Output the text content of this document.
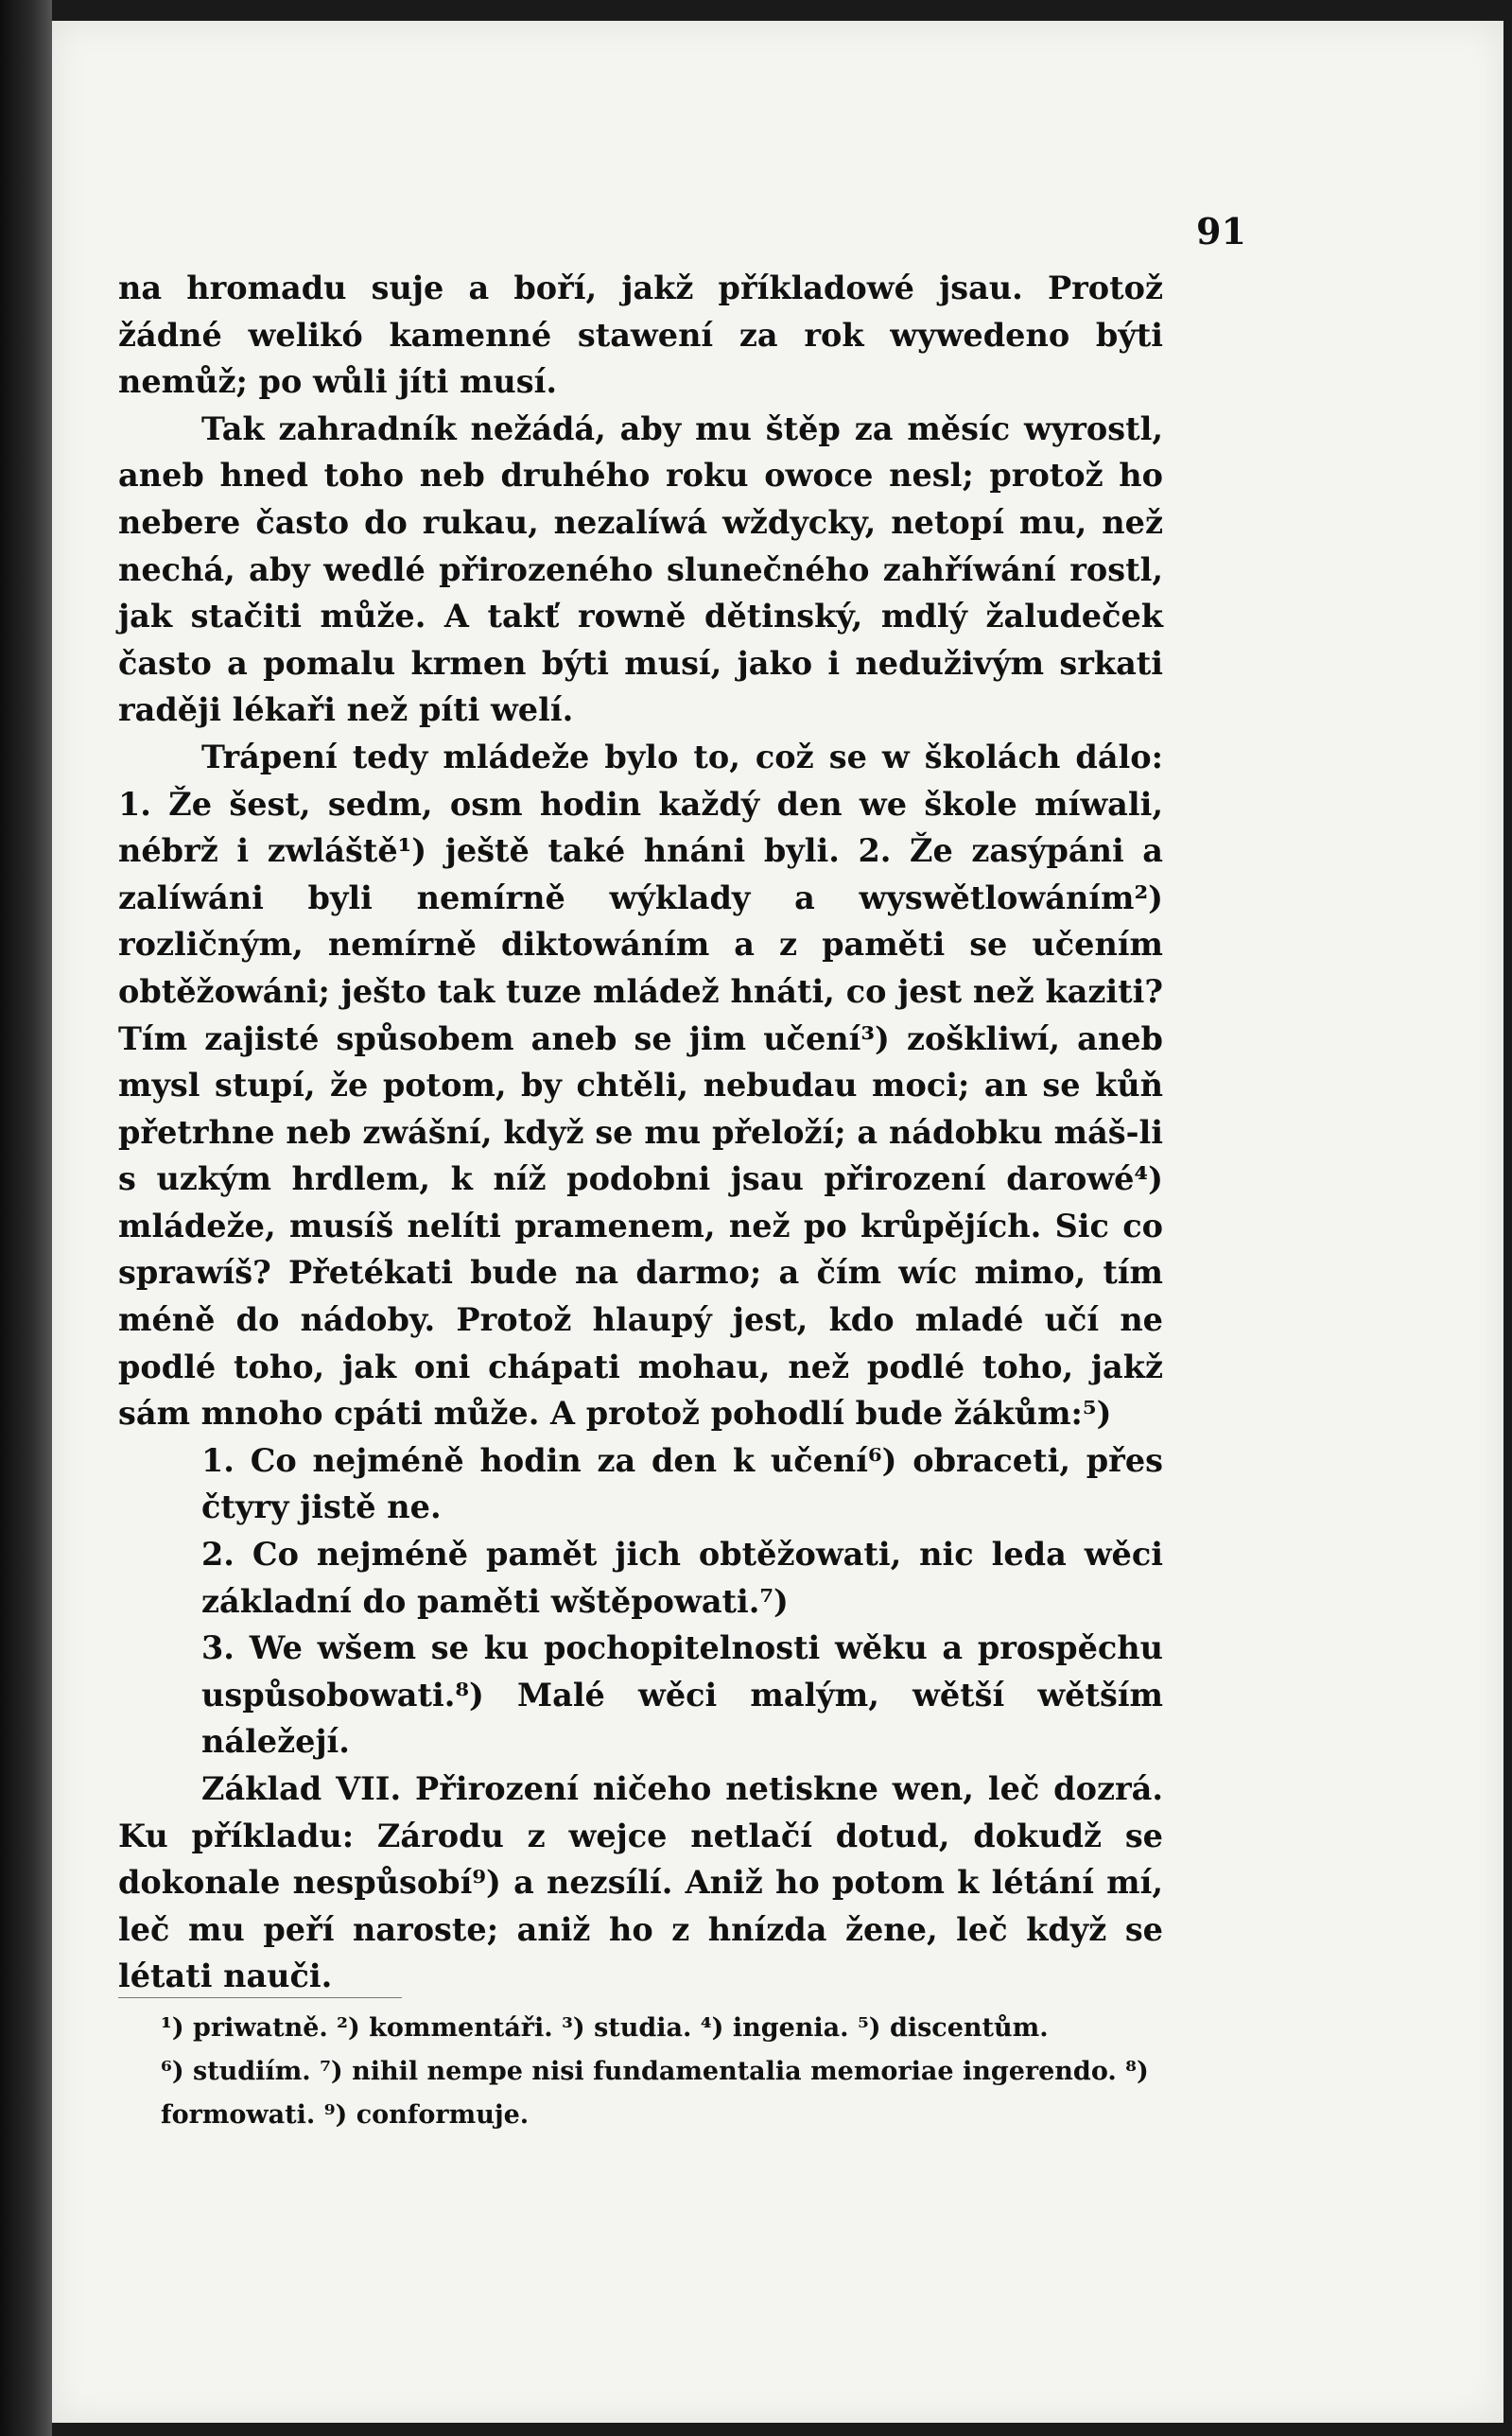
91

na hromadu suje a boří, jakž příkladowé jsau. Protož žádné welikó kamenné stawení za rok wywedeno býti nemůž; po wůli jíti musí.

Tak zahradník nežádá, aby mu štěp za měsíc wyrostl, aneb hned toho neb druhého roku owoce nesl; protož ho nebere často do rukau, nezalíwá wždycky, netopí mu, než nechá, aby wedlé přirozeného slunečného zahříwání rostl, jak stačiti může. A takť rowně dětinský, mdlý žaludeček často a pomalu krmen býti musí, jako i neduživým srkati raději lékaři než píti welí.

Trápení tedy mládeže bylo to, což se w školách dálo: 1. Že šest, sedm, osm hodin každý den we škole míwali, nébrž i zwláště¹) ještě také hnáni byli. 2. Že zasýpáni a zalíwáni byli nemírně wýklady a wyswětlowáním²) rozličným, nemírně diktowáním a z paměti se učením obtěžowáni; ješto tak tuze mládež hnáti, co jest než kaziti? Tím zajisté spůsobem aneb se jim učení³) zoškliwí, aneb mysl stupí, že potom, by chtěli, nebudau moci; an se kůň přetrhne neb zwášní, když se mu přeloží; a nádobku máš-li s uzkým hrdlem, k níž podobni jsau přirození darowé⁴) mládeže, musíš nelíti pramenem, než po krůpějích. Sic co sprawíš? Přetékati bude na darmo; a čím wíc mimo, tím méně do nádoby. Protož hlaupý jest, kdo mladé učí ne podlé toho, jak oni chápati mohau, než podlé toho, jakž sám mnoho cpáti může. A protož pohodlí bude žákům:⁵)

1. Co nejméně hodin za den k učení⁶) obraceti, přes čtyry jistě ne.

2. Co nejméně pamět jich obtěžowati, nic leda wěci základní do paměti wštěpowati.⁷)

3. We wšem se ku pochopitelnosti wěku a prospěchu uspůsobowati.⁸) Malé wěci malým, wětší wětším náležejí.

Základ VII. Přirození ničeho netiskne wen, leč dozrá. Ku příkladu: Zárodu z wejce netlačí dotud, dokudž se dokonale nespůsobí⁹) a nezsílí. Aniž ho potom k létání mí, leč mu peří naroste; aniž ho z hnízda žene, leč když se létati nauči.

¹) priwatně. ²) kommentáři. ³) studia. ⁴) ingenia. ⁵) discentům.

⁶) studiím. ⁷) nihil nempe nisi fundamentalia memoriae ingerendo. ⁸) formowati. ⁹) conformuje.
